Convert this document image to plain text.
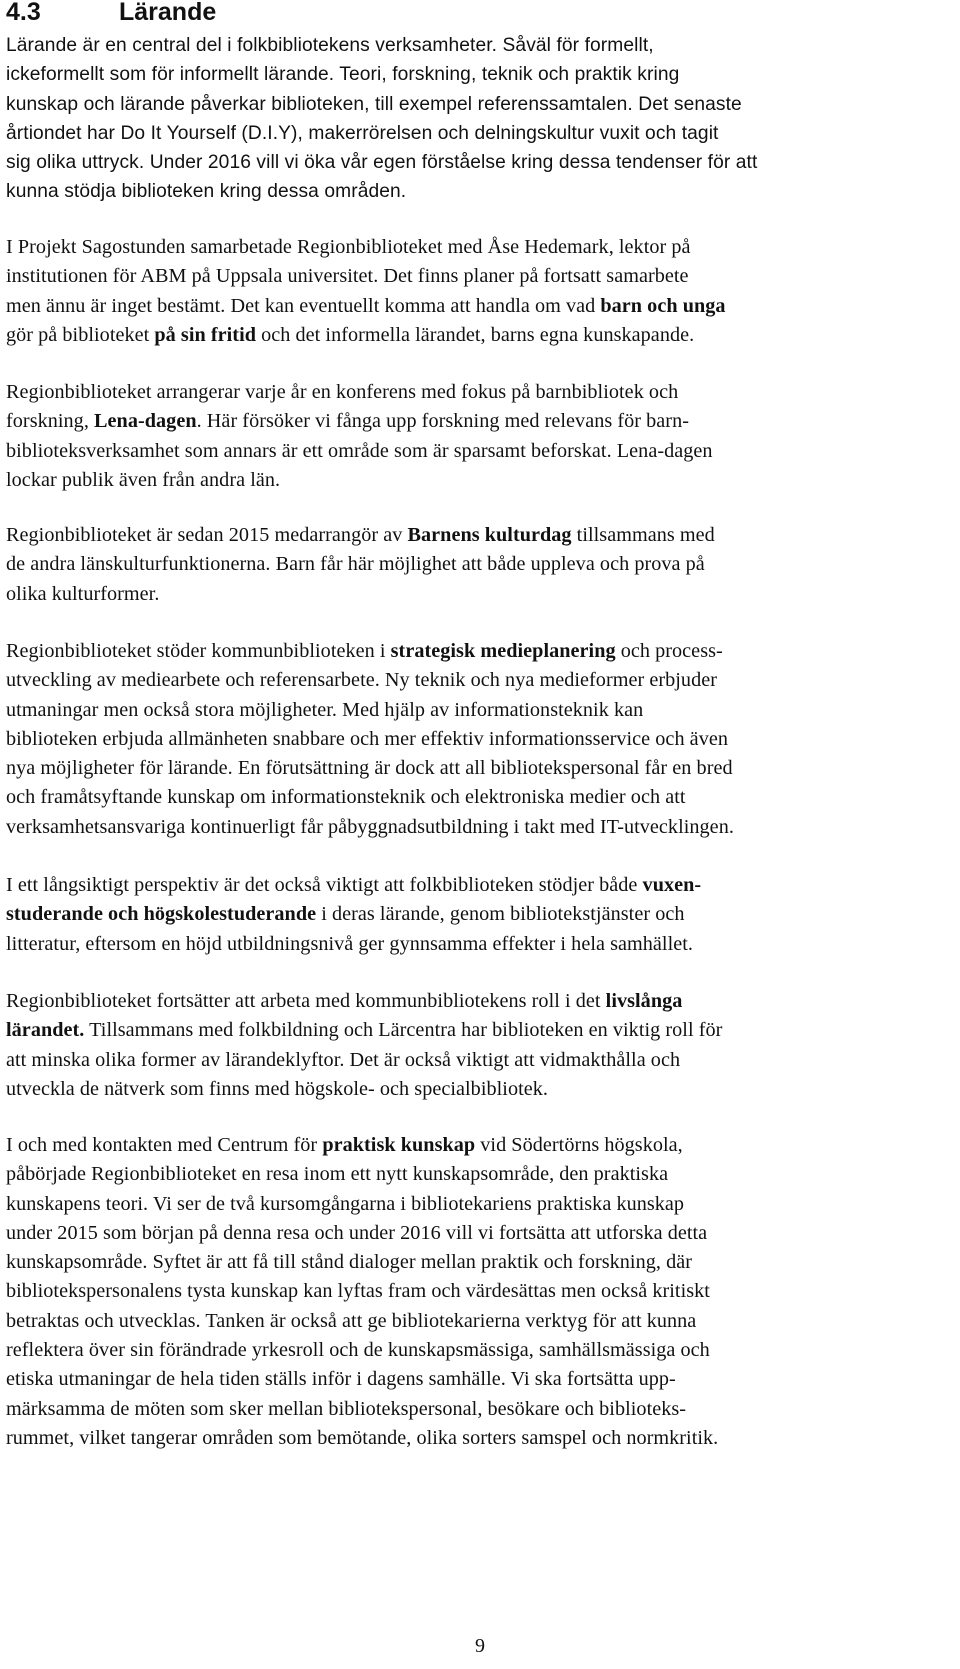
4.3	Lärande

Lärande är en central del i folkbibliotekens verksamheter. Såväl för formellt,
ickeformellt som för informellt lärande. Teori, forskning, teknik och praktik kring
kunskap och lärande påverkar biblioteken, till exempel referenssamtalen. Det senaste
årtiondet har Do It Yourself (D.I.Y), makerrörelsen och delningskultur vuxit och tagit
sig olika uttryck. Under 2016 vill vi öka vår egen förståelse kring dessa tendenser för att
kunna stödja biblioteken kring dessa områden.

I Projekt Sagostunden samarbetade Regionbiblioteket med Åse Hedemark, lektor på
institutionen för ABM på Uppsala universitet. Det finns planer på fortsatt samarbete
men ännu är inget bestämt. Det kan eventuellt komma att handla om vad barn och unga
gör på biblioteket på sin fritid och det informella lärandet, barns egna kunskapande.

Regionbiblioteket arrangerar varje år en konferens med fokus på barnbibliotek och
forskning, Lena-dagen. Här försöker vi fånga upp forskning med relevans för barn-
biblioteksverksamhet som annars är ett område som är sparsamt beforskat. Lena-dagen
lockar publik även från andra län.

Regionbiblioteket är sedan 2015 medarrangör av Barnens kulturdag tillsammans med
de andra länskulturfunktionerna. Barn får här möjlighet att både uppleva och prova på
olika kulturformer.

Regionbiblioteket stöder kommunbiblioteken i strategisk medieplanering och process-
utveckling av mediearbete och referensarbete. Ny teknik och nya medieformer erbjuder
utmaningar men också stora möjligheter. Med hjälp av informationsteknik kan
biblioteken erbjuda allmänheten snabbare och mer effektiv informationsservice och även
nya möjligheter för lärande. En förutsättning är dock att all bibliotekspersonal får en bred
och framåtsyftande kunskap om informationsteknik och elektroniska medier och att
verksamhetsansvariga kontinuerligt får påbyggnadsutbildning i takt med IT-utvecklingen.

I ett långsiktigt perspektiv är det också viktigt att folkbiblioteken stödjer både vuxen-
studerande och högskolestuderande i deras lärande, genom bibliotekstjänster och
litteratur, eftersom en höjd utbildningsnivå ger gynnsamma effekter i hela samhället.

Regionbiblioteket fortsätter att arbeta med kommunbibliotekens roll i det livslånga
lärandet. Tillsammans med folkbildning och Lärcentra har biblioteken en viktig roll för
att minska olika former av lärandeklyftor. Det är också viktigt att vidmakthålla och
utveckla de nätverk som finns med högskole- och specialbibliotek.

I och med kontakten med Centrum för praktisk kunskap vid Södertörns högskola,
påbörjade Regionbiblioteket en resa inom ett nytt kunskapsområde, den praktiska
kunskapens teori. Vi ser de två kursomgångarna i bibliotekariens praktiska kunskap
under 2015 som början på denna resa och under 2016 vill vi fortsätta att utforska detta
kunskapsområde. Syftet är att få till stånd dialoger mellan praktik och forskning, där
bibliotekspersonalens tysta kunskap kan lyftas fram och värdesättas men också kritiskt
betraktas och utvecklas. Tanken är också att ge bibliotekarierna verktyg för att kunna
reflektera över sin förändrade yrkesroll och de kunskapsmässiga, samhällsmässiga och
etiska utmaningar de hela tiden ställs inför i dagens samhälle. Vi ska fortsätta upp-
märksamma de möten som sker mellan bibliotekspersonal, besökare och biblioteks-
rummet, vilket tangerar områden som bemötande, olika sorters samspel och normkritik.

9
